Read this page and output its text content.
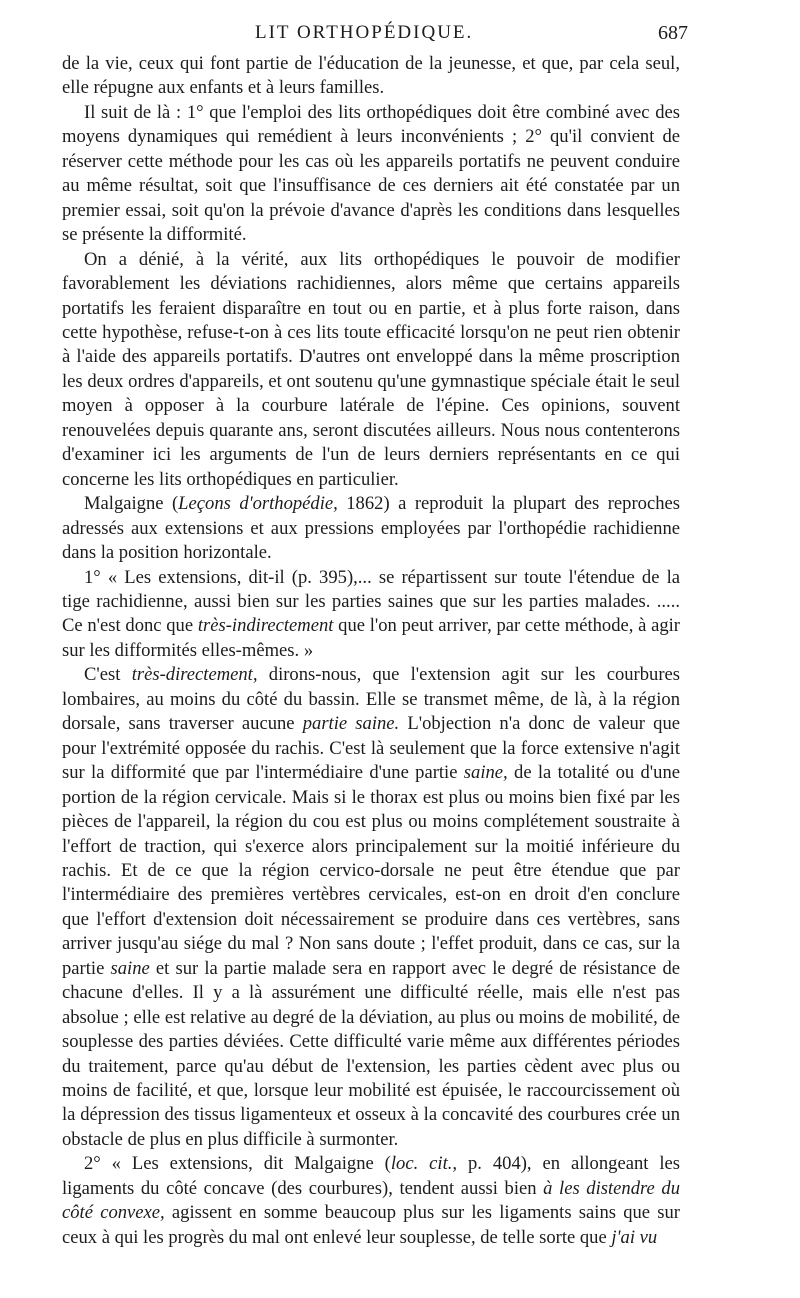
LIT ORTHOPÉDIQUE.	687

de la vie, ceux qui font partie de l'éducation de la jeunesse, et que, par cela seul, elle répugne aux enfants et à leurs familles.

Il suit de là : 1° que l'emploi des lits orthopédiques doit être combiné avec des moyens dynamiques qui remédient à leurs inconvénients ; 2° qu'il convient de réserver cette méthode pour les cas où les appareils portatifs ne peuvent conduire au même résultat, soit que l'insuffisance de ces derniers ait été constatée par un premier essai, soit qu'on la prévoie d'avance d'après les conditions dans lesquelles se présente la difformité.

On a dénié, à la vérité, aux lits orthopédiques le pouvoir de modifier favorablement les déviations rachidiennes, alors même que certains appareils portatifs les feraient disparaître en tout ou en partie, et à plus forte raison, dans cette hypothèse, refuse-t-on à ces lits toute efficacité lorsqu'on ne peut rien obtenir à l'aide des appareils portatifs. D'autres ont enveloppé dans la même proscription les deux ordres d'appareils, et ont soutenu qu'une gymnastique spéciale était le seul moyen à opposer à la courbure latérale de l'épine. Ces opinions, souvent renouvelées depuis quarante ans, seront discutées ailleurs. Nous nous contenterons d'examiner ici les arguments de l'un de leurs derniers représentants en ce qui concerne les lits orthopédiques en particulier.

Malgaigne (Leçons d'orthopédie, 1862) a reproduit la plupart des reproches adressés aux extensions et aux pressions employées par l'orthopédie rachidienne dans la position horizontale.

1° « Les extensions, dit-il (p. 395),... se répartissent sur toute l'étendue de la tige rachidienne, aussi bien sur les parties saines que sur les parties malades. ..... Ce n'est donc que très-indirectement que l'on peut arriver, par cette méthode, à agir sur les difformités elles-mêmes. »

C'est très-directement, dirons-nous, que l'extension agit sur les courbures lombaires, au moins du côté du bassin. Elle se transmet même, de là, à la région dorsale, sans traverser aucune partie saine. L'objection n'a donc de valeur que pour l'extrémité opposée du rachis. C'est là seulement que la force extensive n'agit sur la difformité que par l'intermédiaire d'une partie saine, de la totalité ou d'une portion de la région cervicale. Mais si le thorax est plus ou moins bien fixé par les pièces de l'appareil, la région du cou est plus ou moins complétement soustraite à l'effort de traction, qui s'exerce alors principalement sur la moitié inférieure du rachis. Et de ce que la région cervico-dorsale ne peut être étendue que par l'intermédiaire des premières vertèbres cervicales, est-on en droit d'en conclure que l'effort d'extension doit nécessairement se produire dans ces vertèbres, sans arriver jusqu'au siége du mal ? Non sans doute ; l'effet produit, dans ce cas, sur la partie saine et sur la partie malade sera en rapport avec le degré de résistance de chacune d'elles. Il y a là assurément une difficulté réelle, mais elle n'est pas absolue ; elle est relative au degré de la déviation, au plus ou moins de mobilité, de souplesse des parties déviées. Cette difficulté varie même aux différentes périodes du traitement, parce qu'au début de l'extension, les parties cèdent avec plus ou moins de facilité, et que, lorsque leur mobilité est épuisée, le raccourcissement où la dépression des tissus ligamenteux et osseux à la concavité des courbures crée un obstacle de plus en plus difficile à surmonter.

2° « Les extensions, dit Malgaigne (loc. cit., p. 404), en allongeant les ligaments du côté concave (des courbures), tendent aussi bien à les distendre du côté convexe, agissent en somme beaucoup plus sur les ligaments sains que sur ceux à qui les progrès du mal ont enlevé leur souplesse, de telle sorte que j'ai vu
